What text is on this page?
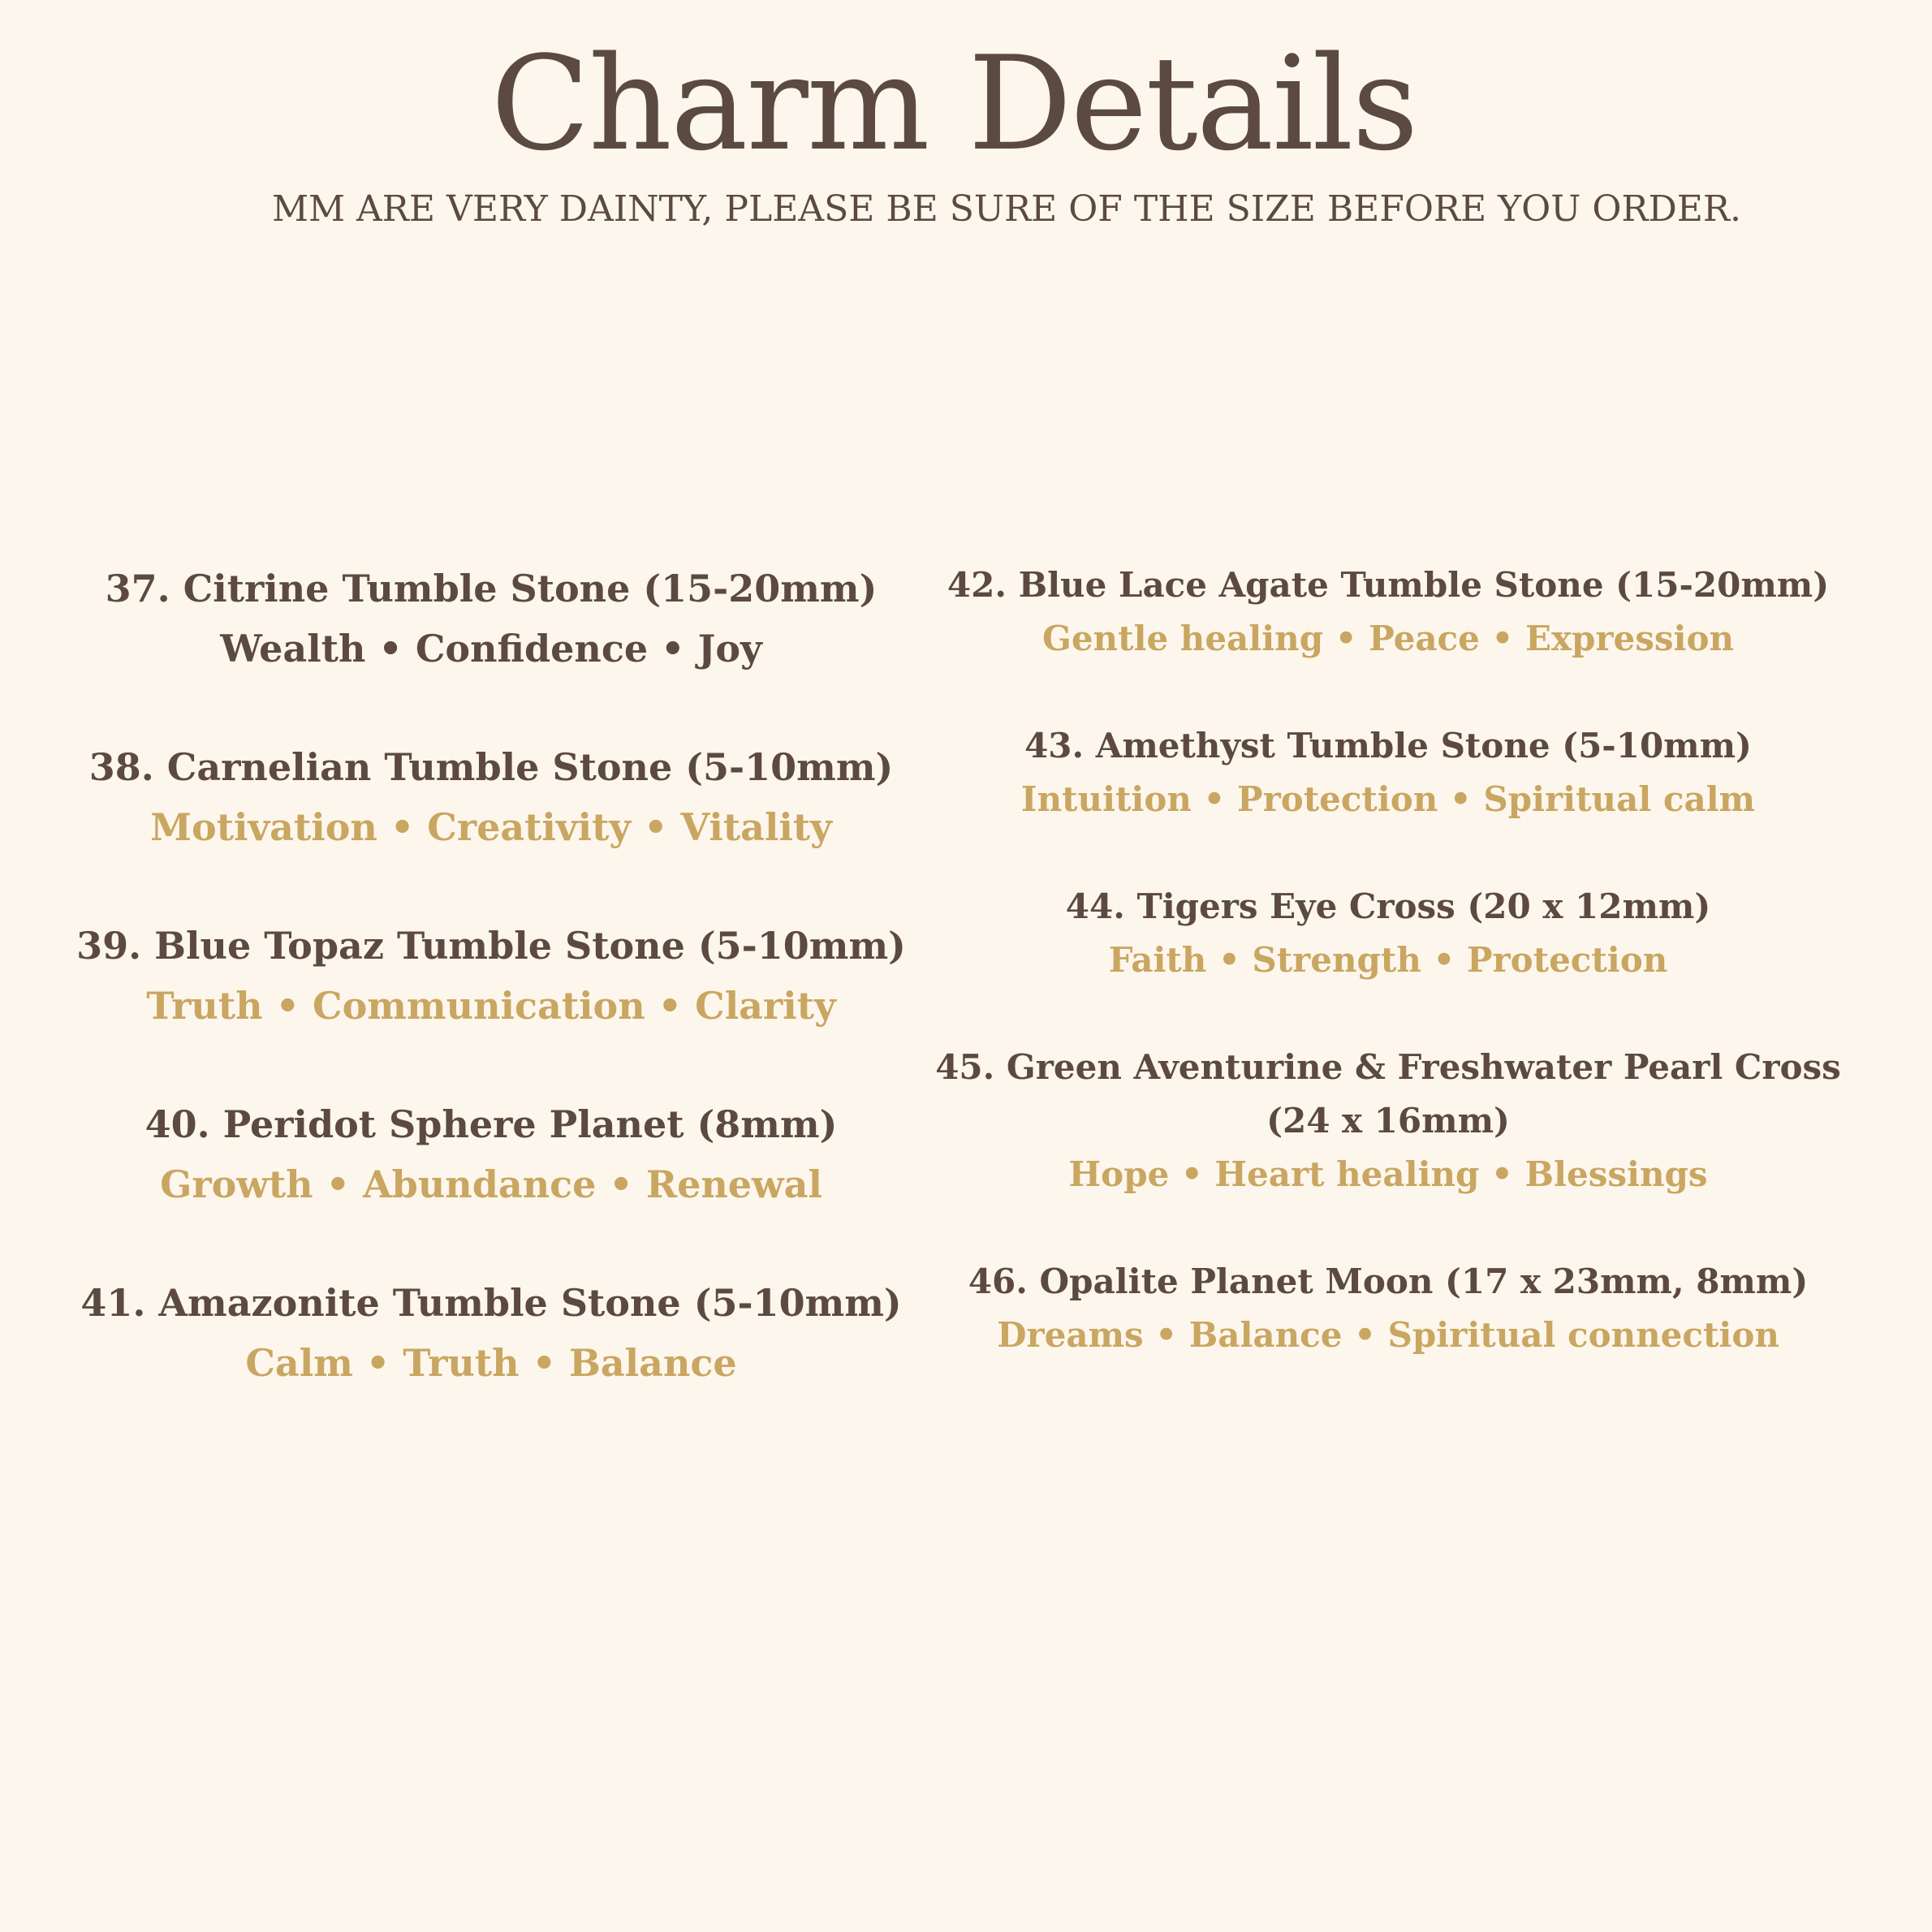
Charm Details
MM ARE VERY DAINTY, PLEASE BE SURE OF THE SIZE BEFORE YOU ORDER.
37. Citrine Tumble Stone (15-20mm)
Wealth • Confidence • Joy
38. Carnelian Tumble Stone (5-10mm)
Motivation • Creativity • Vitality
39. Blue Topaz Tumble Stone (5-10mm)
Truth • Communication • Clarity
40. Peridot Sphere Planet (8mm)
Growth • Abundance • Renewal
41. Amazonite Tumble Stone (5-10mm)
Calm • Truth • Balance
42. Blue Lace Agate Tumble Stone (15-20mm)
Gentle healing • Peace • Expression
43. Amethyst Tumble Stone (5-10mm)
Intuition • Protection • Spiritual calm
44. Tigers Eye Cross (20 x 12mm)
Faith • Strength • Protection
45. Green Aventurine & Freshwater Pearl Cross (24 x 16mm)
Hope • Heart healing • Blessings
46. Opalite Planet Moon (17 x 23mm, 8mm)
Dreams • Balance • Spiritual connection
